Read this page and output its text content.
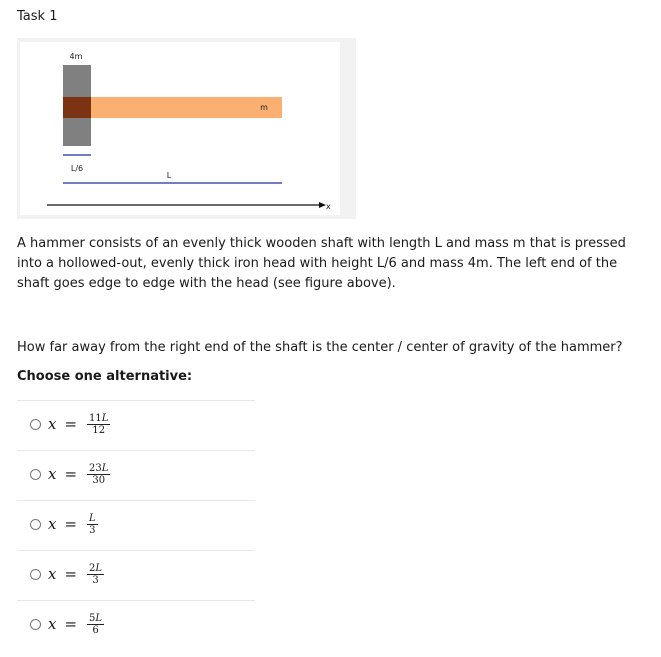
Task 1
4m
m
L/6
L
x
A hammer consists of an evenly thick wooden shaft with length L and mass m that is pressed into a hollowed-out, evenly thick iron head with height L/6 and mass 4m. The left end of the shaft goes edge to edge with the head (see figure above).
How far away from the right end of the shaft is the center / center of gravity of the hammer?
Choose one alternative:
$x = \frac{11L}{12}$
$x = \frac{23L}{30}$
$x = \frac{L}{3}$
$x = \frac{2L}{3}$
$x = \frac{5L}{6}$
